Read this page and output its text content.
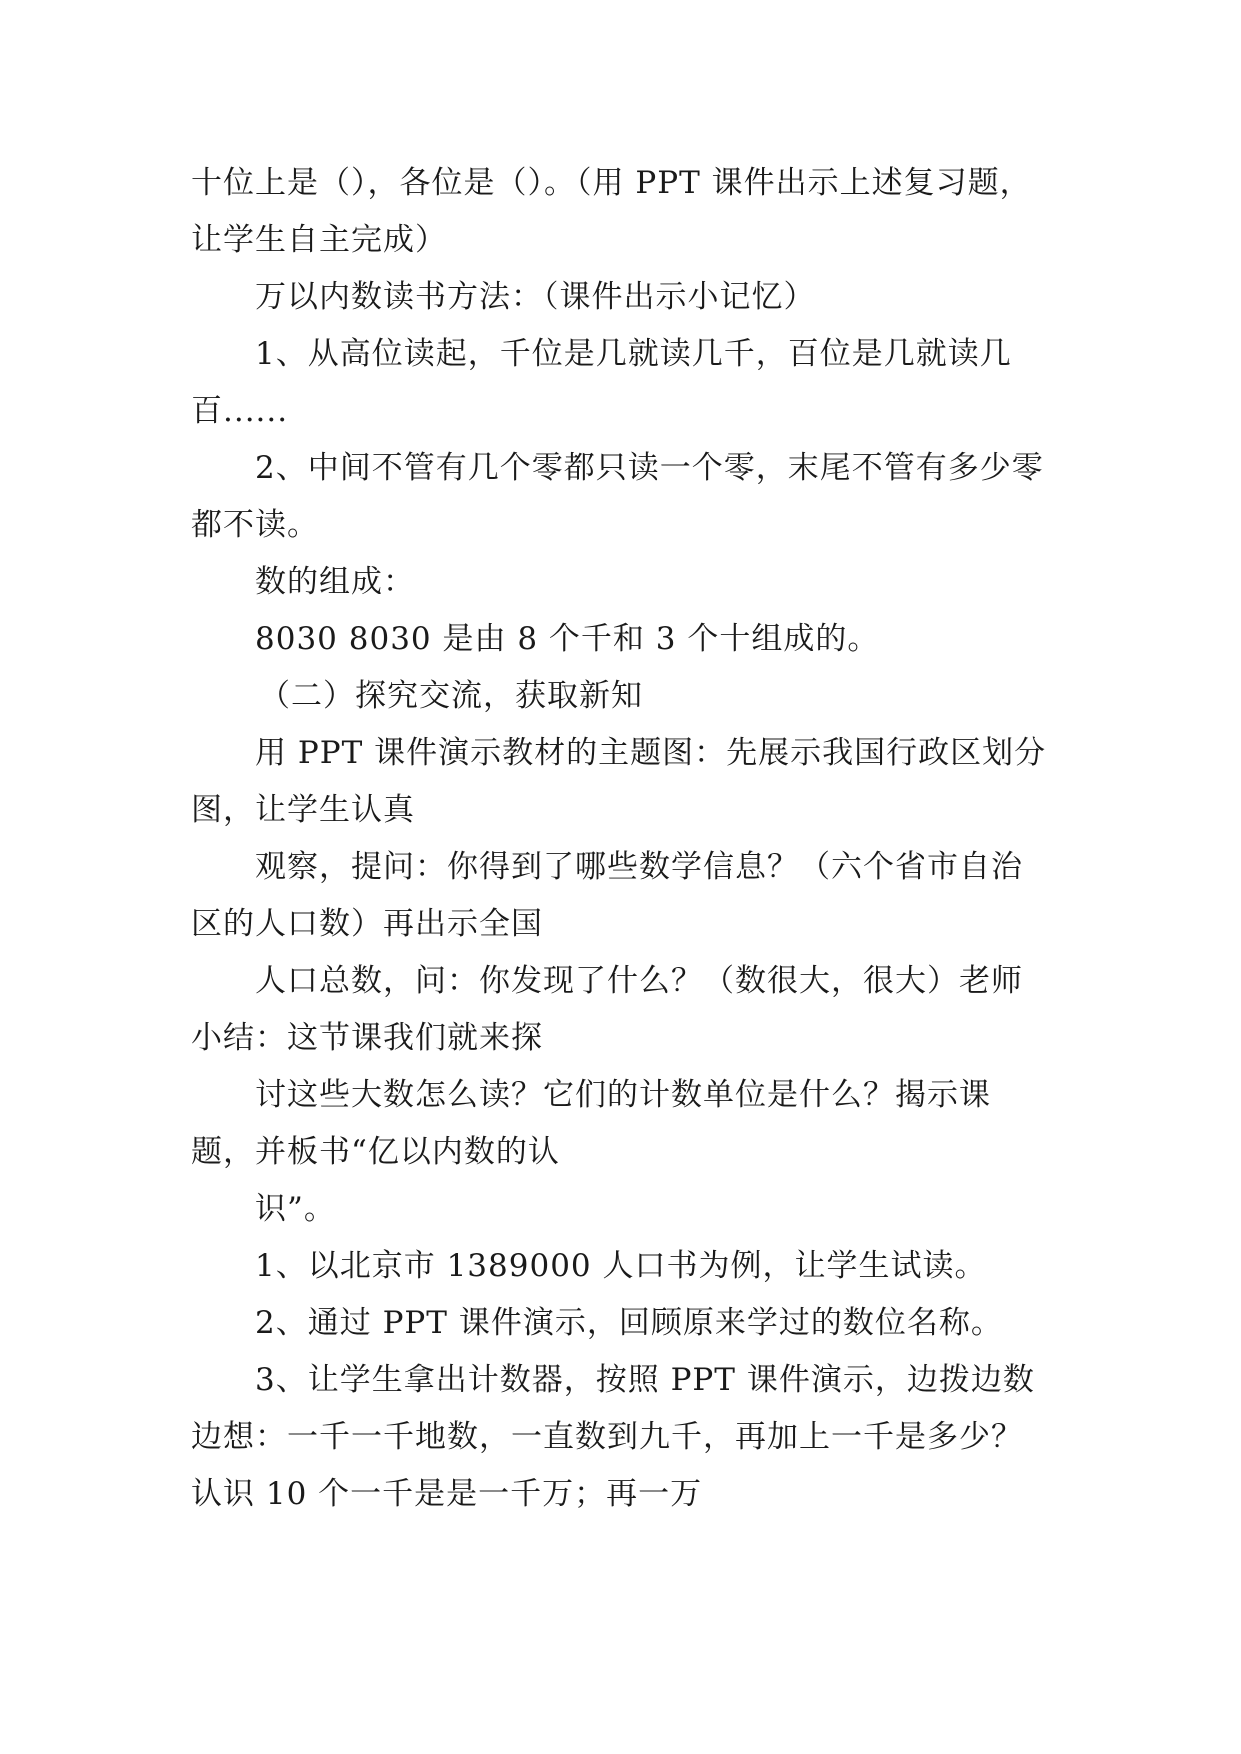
十位上是（），各位是（）。（用 PPT 课件出示上述复习题，让学生自主完成）

万以内数读书方法：（课件出示小记忆）

1、从高位读起，千位是几就读几千，百位是几就读几百......

2、中间不管有几个零都只读一个零，末尾不管有多少零都不读。

数的组成：

8030 8030 是由 8 个千和 3 个十组成的。

（二）探究交流，获取新知

用 PPT 课件演示教材的主题图：先展示我国行政区划分图，让学生认真

观察，提问：你得到了哪些数学信息？（六个省市自治区的人口数）再出示全国

人口总数，问：你发现了什么？（数很大，很大）老师小结：这节课我们就来探

讨这些大数怎么读？它们的计数单位是什么？揭示课题，并板书“亿以内数的认

识”。

1、以北京市 1389000 人口书为例，让学生试读。

2、通过 PPT 课件演示，回顾原来学过的数位名称。

3、让学生拿出计数器，按照 PPT 课件演示，边拨边数边想：一千一千地数，一直数到九千，再加上一千是多少？认识 10 个一千是是一千万；再一万
